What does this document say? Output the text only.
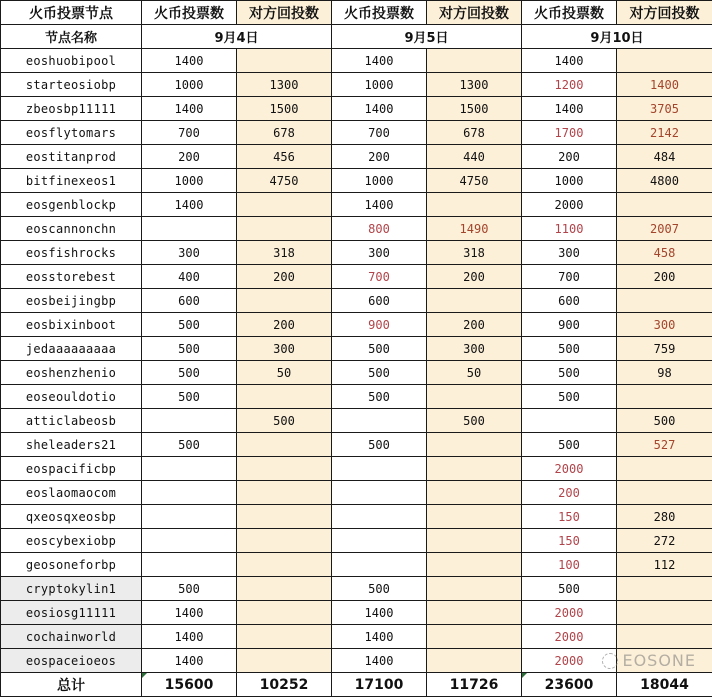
火币投票节点	火币投票数	对方回投数	火币投票数	对方回投数	火币投票数	对方回投数
节点名称	9月4日		9月5日		9月10日	
eoshuobipool	1400		1400		1400	
starteosiobp	1000	1300	1000	1300	1200	1400
zbeosbp11111	1400	1500	1400	1500	1400	3705
eosflytomars	700	678	700	678	1700	2142
eostitanprod	200	456	200	440	200	484
bitfinexeos1	1000	4750	1000	4750	1000	4800
eosgenblockp	1400		1400		2000	
eoscannonchn			800	1490	1100	2007
eosfishrocks	300	318	300	318	300	458
eosstorebest	400	200	700	200	700	200
eosbeijingbp	600		600		600	
eosbixinboot	500	200	900	200	900	300
jedaaaaaaaaa	500	300	500	300	500	759
eoshenzhenio	500	50	500	50	500	98
eoseouldotio	500		500		500	
atticlabeosb		500		500		500
sheleaders21	500		500		500	527
eospacificbp					2000	
eoslaomaocom					200	
qxeosqxeosbp					150	280
eoscybexiobp					150	272
geosoneforbp					100	112
cryptokylin1	500		500		500	
eosiosg11111	1400		1400		2000	
cochainworld	1400		1400		2000	
eospaceioeos	1400		1400		2000	
总计	15600	10252	17100	11726	23600	18044
EOSONE
